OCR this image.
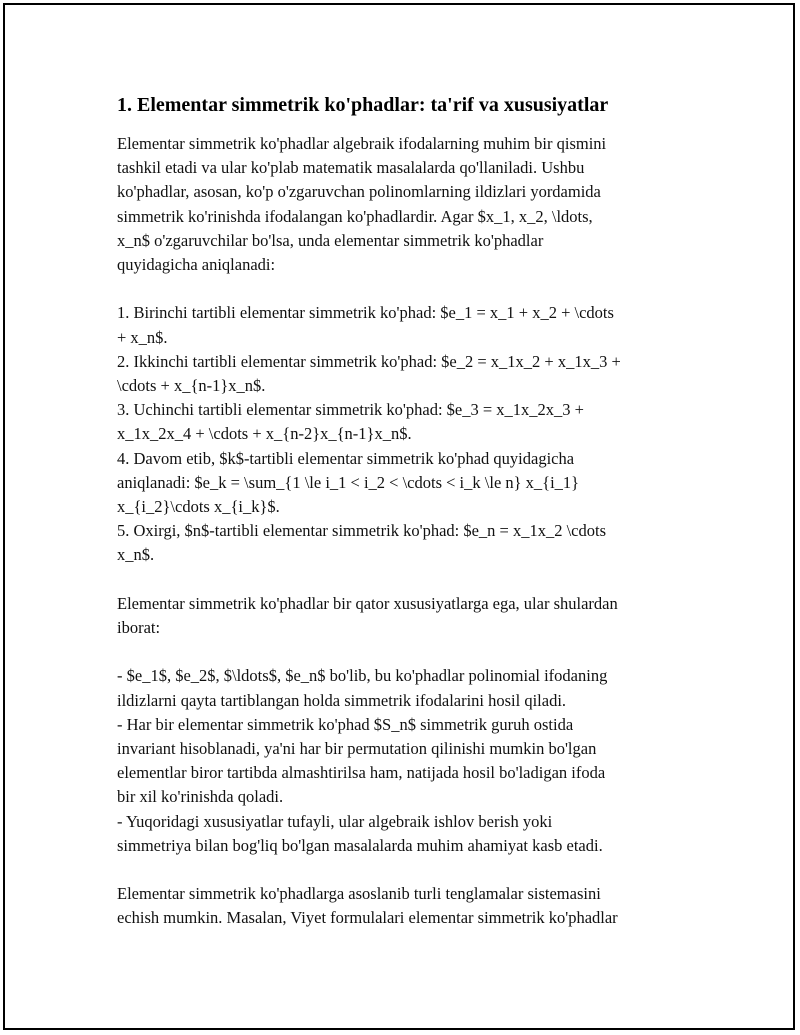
1. Elementar simmetrik ko'phadlar: ta'rif va xususiyatlar
Elementar simmetrik ko'phadlar algebraik ifodalarning muhim bir qismini
tashkil etadi va ular ko'plab matematik masalalarda qo'llaniladi. Ushbu
ko'phadlar, asosan, ko'p o'zgaruvchan polinomlarning ildizlari yordamida
simmetrik ko'rinishda ifodalangan ko'phadlardir. Agar $x_1, x_2, \ldots,
x_n$ o'zgaruvchilar bo'lsa, unda elementar simmetrik ko'phadlar
quyidagicha aniqlanadi:
1. Birinchi tartibli elementar simmetrik ko'phad: $e_1 = x_1 + x_2 + \cdots
+ x_n$.
2. Ikkinchi tartibli elementar simmetrik ko'phad: $e_2 = x_1x_2 + x_1x_3 +
\cdots + x_{n-1}x_n$.
3. Uchinchi tartibli elementar simmetrik ko'phad: $e_3 = x_1x_2x_3 +
x_1x_2x_4 + \cdots + x_{n-2}x_{n-1}x_n$.
4. Davom etib, $k$-tartibli elementar simmetrik ko'phad quyidagicha
aniqlanadi: $e_k = \sum_{1 \le i_1 < i_2 < \cdots < i_k \le n} x_{i_1}
x_{i_2}\cdots x_{i_k}$.
5. Oxirgi, $n$-tartibli elementar simmetrik ko'phad: $e_n = x_1x_2 \cdots
x_n$.
Elementar simmetrik ko'phadlar bir qator xususiyatlarga ega, ular shulardan
iborat:
- $e_1$, $e_2$, $\ldots$, $e_n$ bo'lib, bu ko'phadlar polinomial ifodaning
ildizlarni qayta tartiblangan holda simmetrik ifodalarini hosil qiladi.
- Har bir elementar simmetrik ko'phad $S_n$ simmetrik guruh ostida
invariant hisoblanadi, ya'ni har bir permutation qilinishi mumkin bo'lgan
elementlar biror tartibda almashtirilsa ham, natijada hosil bo'ladigan ifoda
bir xil ko'rinishda qoladi.
- Yuqoridagi xususiyatlar tufayli, ular algebraik ishlov berish yoki
simmetriya bilan bog'liq bo'lgan masalalarda muhim ahamiyat kasb etadi.
Elementar simmetrik ko'phadlarga asoslanib turli tenglamalar sistemasini
echish mumkin. Masalan, Viyet formulalari elementar simmetrik ko'phadlar
